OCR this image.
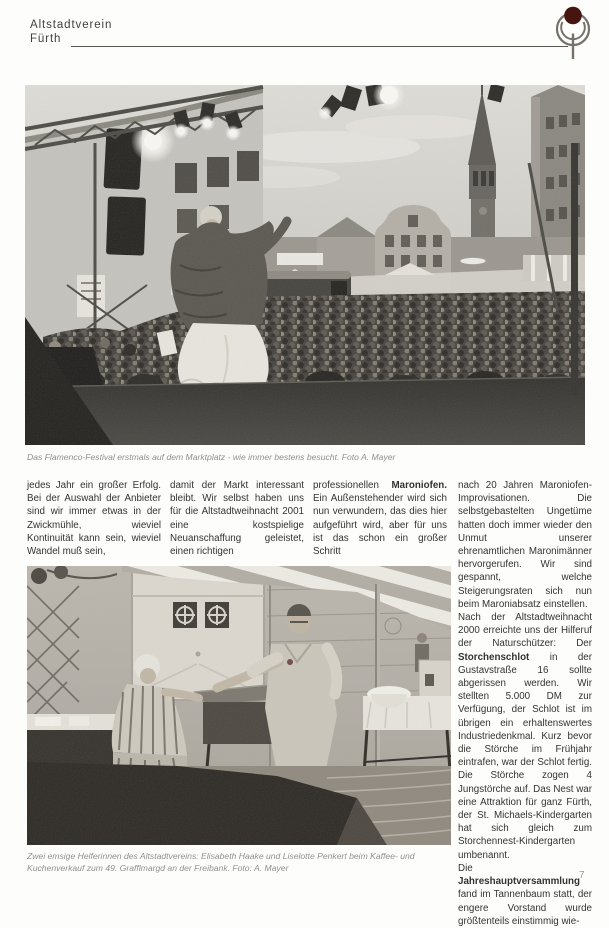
Altstadtverein
Fürth
Das Flamenco-Festival erstmals auf dem Marktplatz - wie immer bestens besucht. Foto A. Mayer

jedes Jahr ein großer Erfolg. Bei der Auswahl der Anbieter sind wir immer etwas in der Zwickmühle, wieviel Kontinuität kann sein, wieviel Wandel muß sein,

damit der Markt interessant bleibt. Wir selbst haben uns für die Altstadtweihnacht 2001 eine kostspielige Neuanschaffung geleistet, einen richtigen

professionellen Maroniofen. Ein Außenstehender wird sich nun verwundern, das dies hier aufgeführt wird, aber für uns ist das schon ein großer Schritt

nach 20 Jahren Maroniofen-Improvisationen. Die selbstgebastelten Ungetüme hatten doch immer wieder den Unmut unserer ehrenamtlichen Maronimänner hervorgerufen. Wir sind gespannt, welche Steigerungsraten sich nun beim Maroniabsatz einstellen.

Nach der Altstadtweihnacht 2000 erreichte uns der Hilferuf der Naturschützer: Der Storchenschlot in der Gustavstraße 16 sollte abgerissen werden. Wir stellten 5.000 DM zur Verfügung, der Schlot ist im übrigen ein erhaltenswertes Industriedenkmal. Kurz bevor die Störche im Frühjahr eintrafen, war der Schlot fertig. Die Störche zogen 4 Jungstörche auf. Das Nest war eine Attraktion für ganz Fürth, der St. Michaels-Kindergarten hat sich gleich zum Storchennest-Kindergarten umbenannt.

Die Jahreshauptversammlung fand im Tannenbaum statt, der engere Vorstand wurde größtenteils einstimmig wie-

Zwei emsige Helferinnen des Altstadtvereins: Elisabeth Haake und Liselotte Penkert beim Kaffee- und Kuchenverkauf zum 49. Grafflmargd an der Freibank. Foto: A. Mayer
7
